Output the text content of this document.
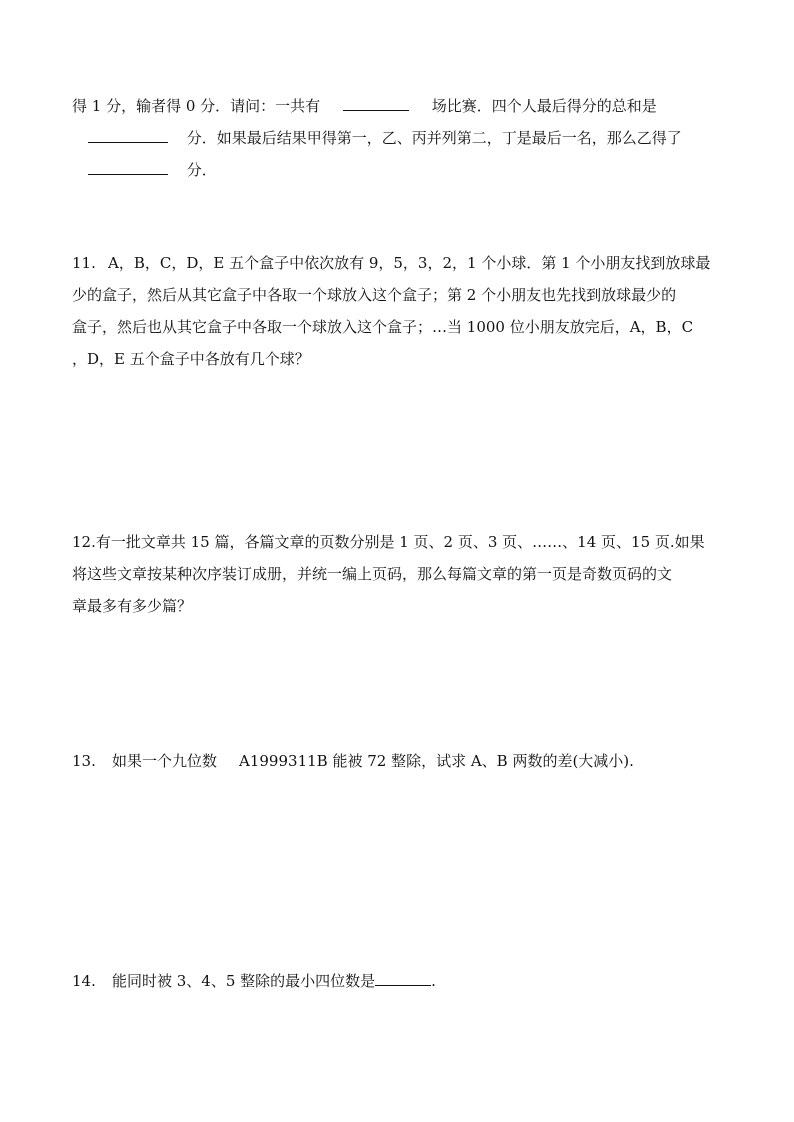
得 1 分，输者得 0 分．请问：一共有	场比赛．四个人最后得分的总和是
分．如果最后结果甲得第一，乙、丙并列第二，丁是最后一名，那么乙得了
分．
11. A，B，C，D，E 五个盒子中依次放有 9，5，3，2，1 个小球．第 1 个小朋友找到放球最
少的盒子，然后从其它盒子中各取一个球放入这个盒子；第 2 个小朋友也先找到放球最少的
盒子，然后也从其它盒子中各取一个球放入这个盒子；…当 1000 位小朋友放完后，A，B，C
，D，E 五个盒子中各放有几个球？
12.有一批文章共 15 篇，各篇文章的页数分别是 1 页、2 页、3 页、……、14 页、15 页.如果
将这些文章按某种次序装订成册，并统一编上页码，那么每篇文章的第一页是奇数页码的文
章最多有多少篇？
13. 如果一个九位数 A1999311B 能被 72 整除，试求 A、B 两数的差(大减小).
14. 能同时被 3、4、5 整除的最小四位数是	.
